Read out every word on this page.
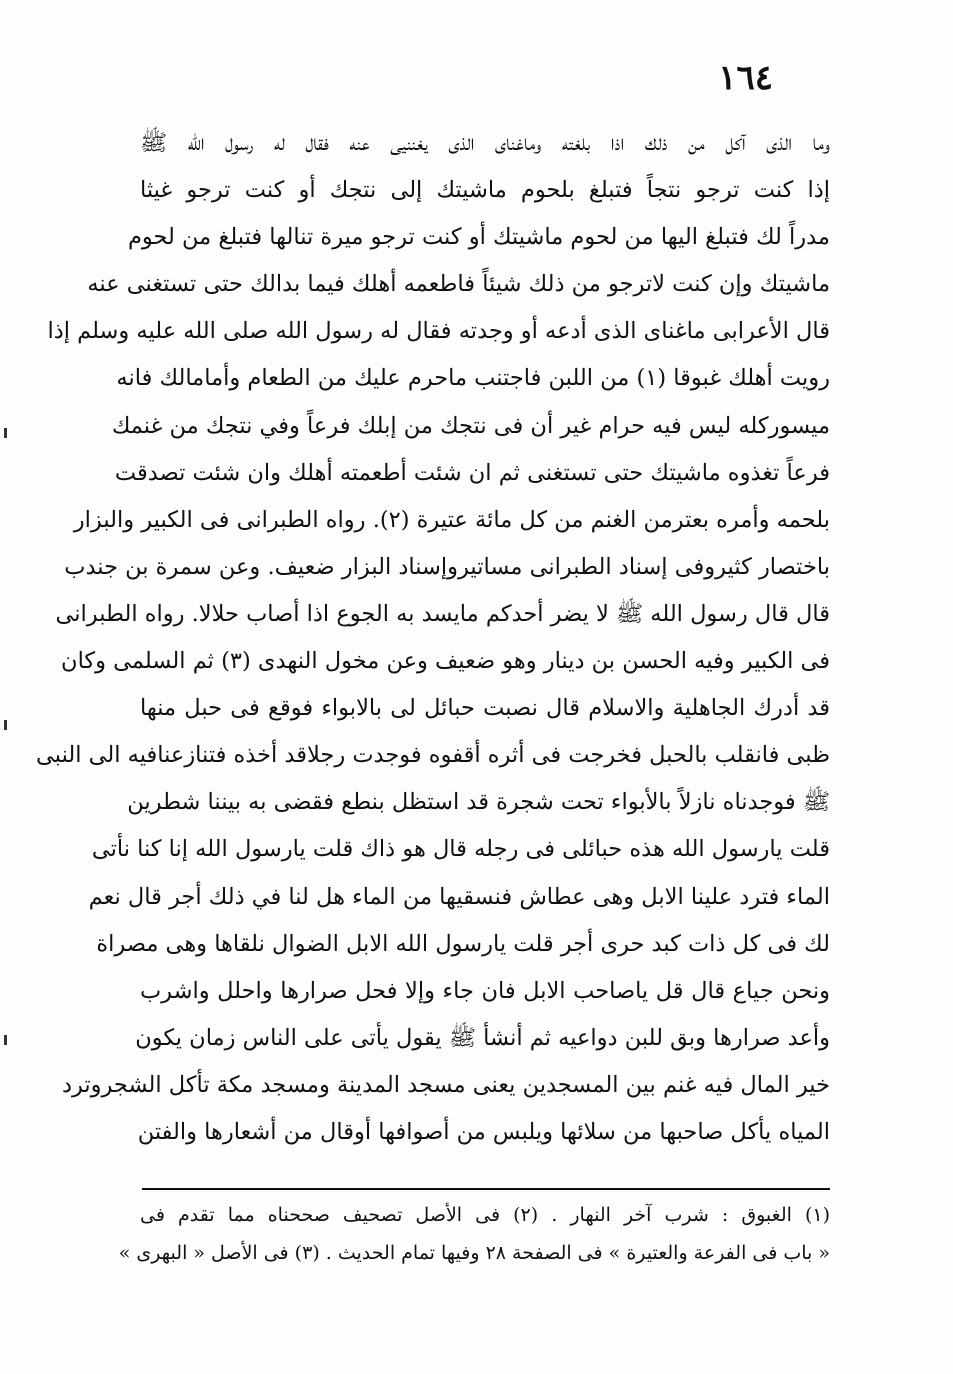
١٦٤
وما الذى آكل من ذلك اذا بلغته وماغناى الذى يغننيى عنه فقال له رسول الله ﷺ
إذا كنت ترجو نتجاً فتبلغ بلحوم ماشيتك إلى نتجك أو كنت ترجو غيثا
مدراً لك فتبلغ اليها من لحوم ماشيتك أو كنت ترجو ميرة تنالها فتبلغ من لحوم
ماشيتك وإن كنت لاترجو من ذلك شيئاً فاطعمه أهلك فيما بدالك حتى تستغنى عنه
قال الأعرابى ماغناى الذى أدعه أو وجدته فقال له رسول الله صلى الله عليه وسلم إذا
رويت أهلك غبوقا (١) من اللبن فاجتنب ماحرم عليك من الطعام وأمامالك فانه
ميسوركله ليس فيه حرام غير أن فى نتجك من إبلك فرعاً وفي نتجك من غنمك
فرعاً تغذوه ماشيتك حتى تستغنى ثم ان شئت أطعمته أهلك وان شئت تصدقت
بلحمه وأمره بعترمن الغنم من كل مائة عتيرة (٢). رواه الطبرانى فى الكبير والبزار
باختصار كثيروفى إسناد الطبرانى مساتيروإسناد البزار ضعيف. وعن سمرة بن جندب
قال قال رسول الله ﷺ لا يضر أحدكم مايسد به الجوع اذا أصاب حلالا. رواه الطبرانى
فى الكبير وفيه الحسن بن دينار وهو ضعيف وعن مخول النهدى (٣) ثم السلمى وكان
قد أدرك الجاهلية والاسلام قال نصبت حبائل لى بالابواء فوقع فى حبل منها
ظبى فانقلب بالحبل فخرجت فى أثره أقفوه فوجدت رجلاقد أخذه فتنازعنافيه الى النبى
ﷺ فوجدناه نازلاً بالأبواء تحت شجرة قد استظل بنطع فقضى به بيننا شطرين
قلت يارسول الله هذه حبائلى فى رجله قال هو ذاك قلت يارسول الله إنا كنا نأتى
الماء فترد علينا الابل وهى عطاش فنسقيها من الماء هل لنا في ذلك أجر قال نعم
لك فى كل ذات كبد حرى أجر قلت يارسول الله الابل الضوال نلقاها وهى مصراة
ونحن جياع قال قل ياصاحب الابل فان جاء وإلا فحل صرارها واحلل واشرب
وأعد صرارها وبق للبن دواعيه ثم أنشأ ﷺ يقول يأتى على الناس زمان يكون
خير المال فيه غنم بين المسجدين يعنى مسجد المدينة ومسجد مكة تأكل الشجروترد
المياه يأكل صاحبها من سلائها ويلبس من أصوافها أوقال من أشعارها والفتن
(١) الغبوق : شرب آخر النهار . (٢) فى الأصل تصحيف صححناه مما تقدم فى
« باب فى الفرعة والعتيرة » فى الصفحة ٢٨ وفيها تمام الحديث . (٣) فى الأصل « البهرى »
